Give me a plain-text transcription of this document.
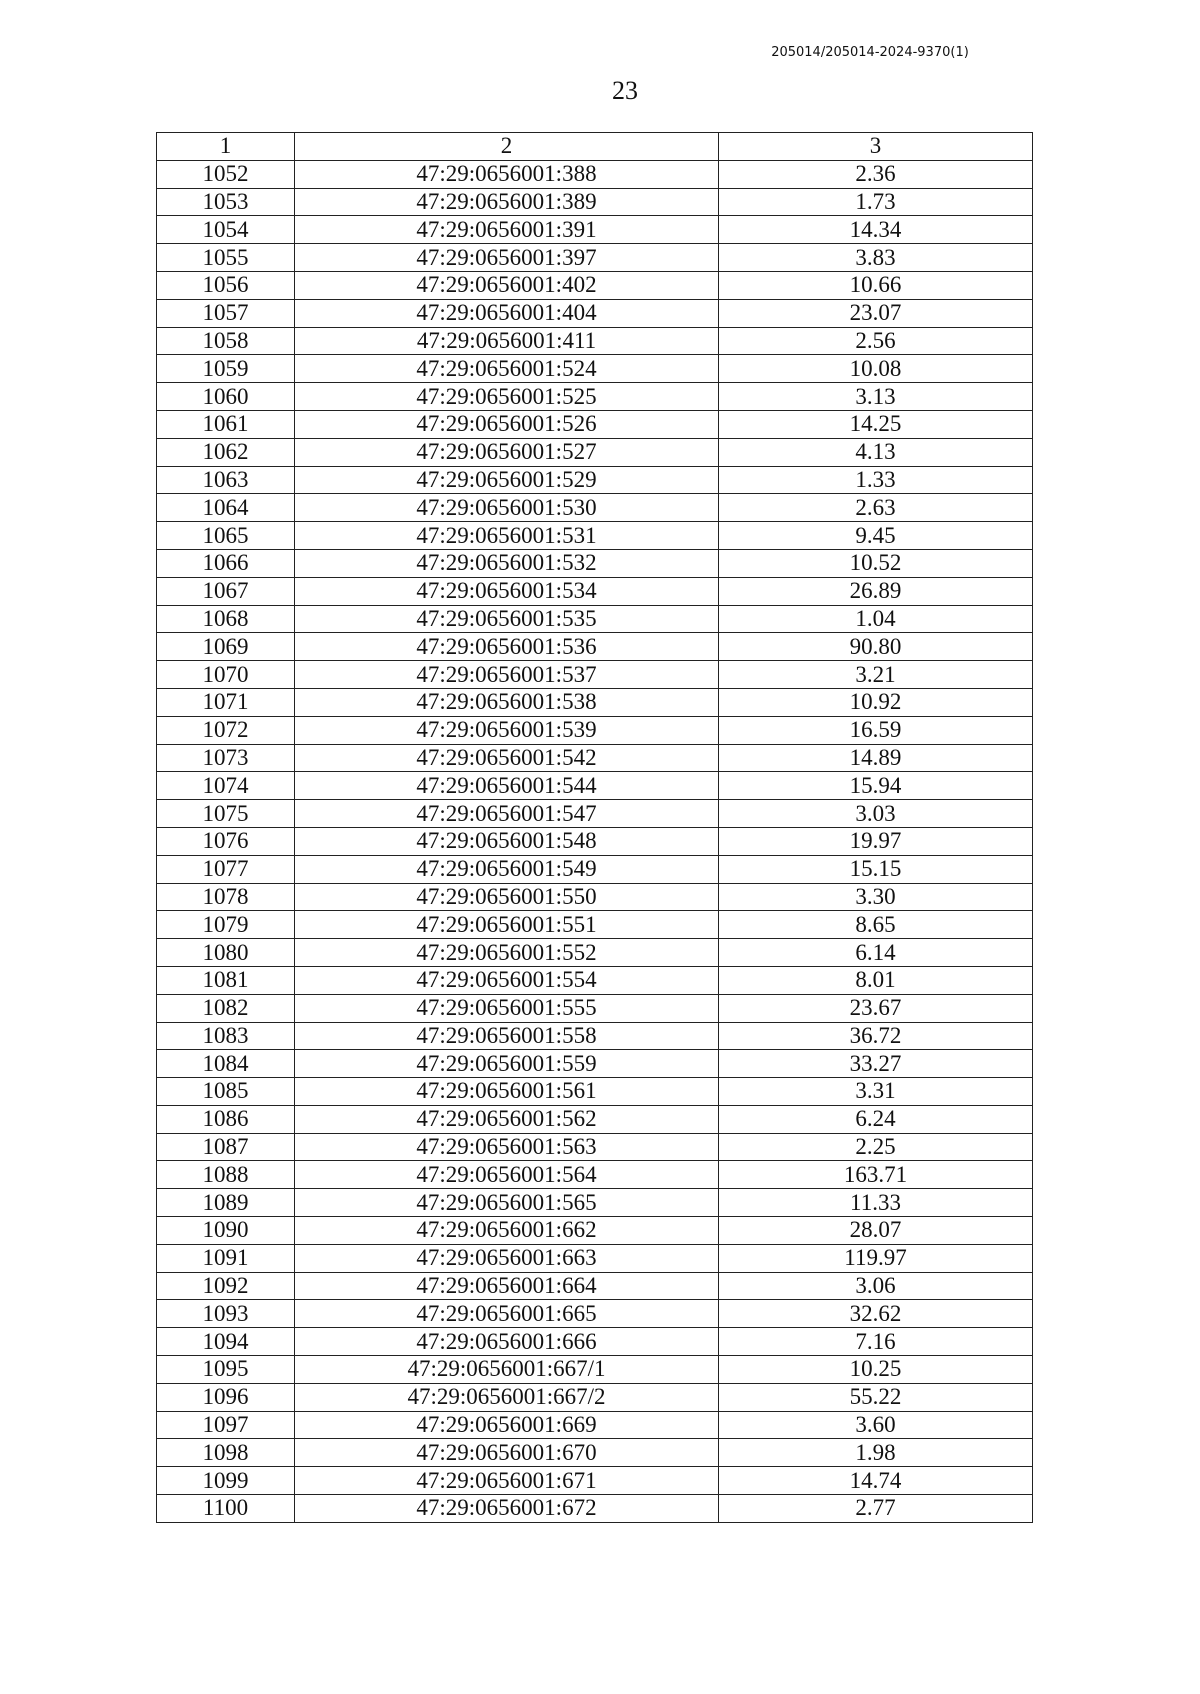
205014/205014-2024-9370(1)
23
1	2	3
1052	47:29:0656001:388	2.36
1053	47:29:0656001:389	1.73
1054	47:29:0656001:391	14.34
1055	47:29:0656001:397	3.83
1056	47:29:0656001:402	10.66
1057	47:29:0656001:404	23.07
1058	47:29:0656001:411	2.56
1059	47:29:0656001:524	10.08
1060	47:29:0656001:525	3.13
1061	47:29:0656001:526	14.25
1062	47:29:0656001:527	4.13
1063	47:29:0656001:529	1.33
1064	47:29:0656001:530	2.63
1065	47:29:0656001:531	9.45
1066	47:29:0656001:532	10.52
1067	47:29:0656001:534	26.89
1068	47:29:0656001:535	1.04
1069	47:29:0656001:536	90.80
1070	47:29:0656001:537	3.21
1071	47:29:0656001:538	10.92
1072	47:29:0656001:539	16.59
1073	47:29:0656001:542	14.89
1074	47:29:0656001:544	15.94
1075	47:29:0656001:547	3.03
1076	47:29:0656001:548	19.97
1077	47:29:0656001:549	15.15
1078	47:29:0656001:550	3.30
1079	47:29:0656001:551	8.65
1080	47:29:0656001:552	6.14
1081	47:29:0656001:554	8.01
1082	47:29:0656001:555	23.67
1083	47:29:0656001:558	36.72
1084	47:29:0656001:559	33.27
1085	47:29:0656001:561	3.31
1086	47:29:0656001:562	6.24
1087	47:29:0656001:563	2.25
1088	47:29:0656001:564	163.71
1089	47:29:0656001:565	11.33
1090	47:29:0656001:662	28.07
1091	47:29:0656001:663	119.97
1092	47:29:0656001:664	3.06
1093	47:29:0656001:665	32.62
1094	47:29:0656001:666	7.16
1095	47:29:0656001:667/1	10.25
1096	47:29:0656001:667/2	55.22
1097	47:29:0656001:669	3.60
1098	47:29:0656001:670	1.98
1099	47:29:0656001:671	14.74
1100	47:29:0656001:672	2.77
